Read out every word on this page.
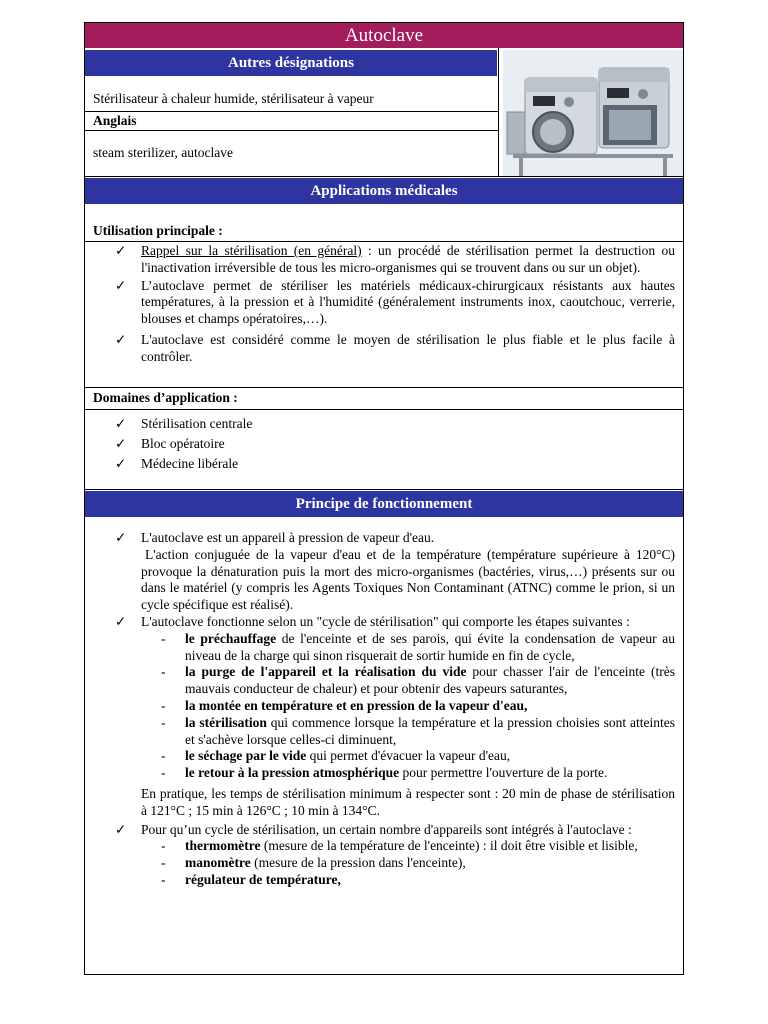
Autoclave
Autres désignations
Stérilisateur à chaleur humide, stérilisateur à vapeur
Anglais
steam sterilizer, autoclave
Applications médicales
Utilisation principale :
✓ Rappel sur la stérilisation (en général) : un procédé de stérilisation permet la destruction ou l'inactivation irréversible de tous les micro-organismes qui se trouvent dans ou sur un objet).
✓ L’autoclave permet de stériliser les matériels médicaux-chirurgicaux résistants aux hautes températures, à la pression et à l'humidité (généralement instruments inox, caoutchouc, verrerie, blouses et champs opératoires,…).
✓ L'autoclave est considéré comme le moyen de stérilisation le plus fiable et le plus facile à contrôler.
Domaines d’application :
✓ Stérilisation centrale
✓ Bloc opératoire
✓ Médecine libérale
Principe de fonctionnement
✓ L'autoclave est un appareil à pression de vapeur d'eau.
L'action conjuguée de la vapeur d'eau et de la température (température supérieure à 120°C) provoque la dénaturation puis la mort des micro-organismes (bactéries, virus,…) présents sur ou dans le matériel (y compris les Agents Toxiques Non Contaminant (ATNC) comme le prion, si un cycle spécifique est réalisé).
✓ L'autoclave fonctionne selon un "cycle de stérilisation" qui comporte les étapes suivantes :
- le préchauffage de l'enceinte et de ses parois, qui évite la condensation de vapeur au niveau de la charge qui sinon risquerait de sortir humide en fin de cycle,
- la purge de l'appareil et la réalisation du vide pour chasser l'air de l'enceinte (très mauvais conducteur de chaleur) et pour obtenir des vapeurs saturantes,
- la montée en température et en pression de la vapeur d'eau,
- la stérilisation qui commence lorsque la température et la pression choisies sont atteintes et s'achève lorsque celles-ci diminuent,
- le séchage par le vide qui permet d'évacuer la vapeur d'eau,
- le retour à la pression atmosphérique pour permettre l'ouverture de la porte.
En pratique, les temps de stérilisation minimum à respecter sont : 20 min de phase de stérilisation à 121°C ; 15 min à 126°C ; 10 min à 134°C.
✓ Pour qu’un cycle de stérilisation, un certain nombre d'appareils sont intégrés à l'autoclave :
- thermomètre (mesure de la température de l'enceinte) : il doit être visible et lisible,
- manomètre (mesure de la pression dans l'enceinte),
- régulateur de température,
